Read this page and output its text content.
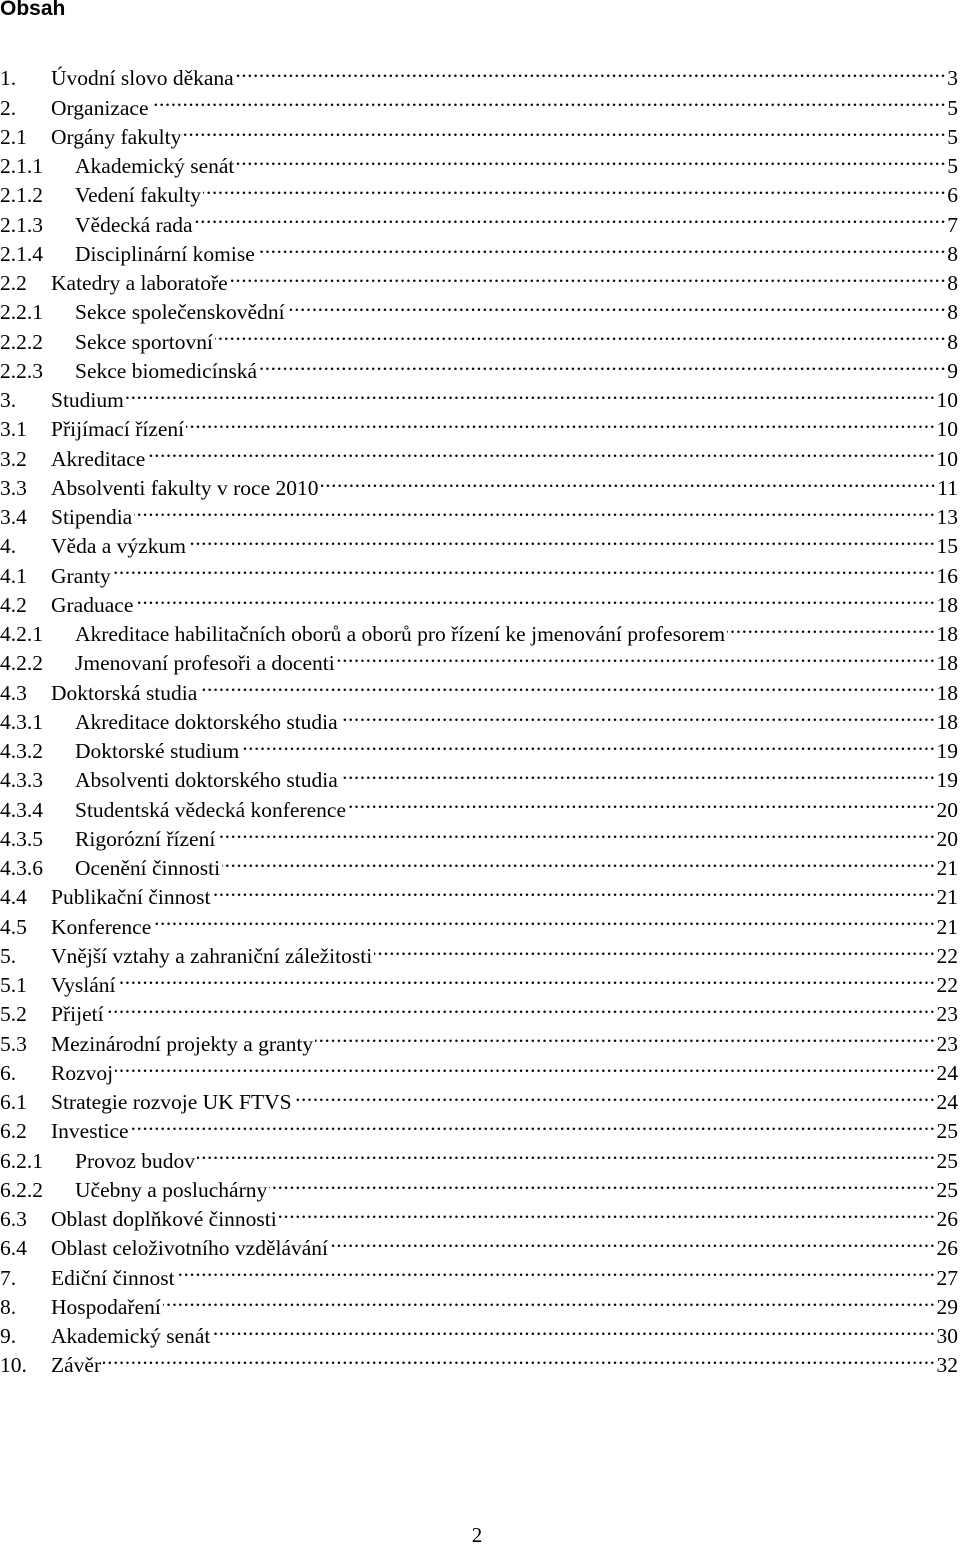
Obsah
1.	Úvodní slovo děkana .....	3
2.	Organizace .....	5
2.1	Orgány fakulty .....	5
2.1.1	Akademický senát .....	5
2.1.2	Vedení fakulty .....	6
2.1.3	Vědecká rada .....	7
2.1.4	Disciplinární komise .....	8
2.2	Katedry a laboratoře .....	8
2.2.1	Sekce společenskovědní .....	8
2.2.2	Sekce sportovní .....	8
2.2.3	Sekce biomedicínská .....	9
3.	Studium .....	10
3.1	Přijímací řízení .....	10
3.2	Akreditace .....	10
3.3	Absolventi fakulty v roce 2010 .....	11
3.4	Stipendia .....	13
4.	Věda a výzkum .....	15
4.1	Granty .....	16
4.2	Graduace .....	18
4.2.1	Akreditace habilitačních oborů a oborů pro řízení ke jmenování profesorem .....	18
4.2.2	Jmenovaní profesoři a docenti .....	18
4.3	Doktorská studia .....	18
4.3.1	Akreditace doktorského studia .....	18
4.3.2	Doktorské studium .....	19
4.3.3	Absolventi doktorského studia .....	19
4.3.4	Studentská vědecká konference .....	20
4.3.5	Rigorózní řízení .....	20
4.3.6	Ocenění činnosti .....	21
4.4	Publikační činnost .....	21
4.5	Konference .....	21
5.	Vnější vztahy a zahraniční záležitosti .....	22
5.1	Vyslání .....	22
5.2	Přijetí .....	23
5.3	Mezinárodní projekty a granty .....	23
6.	Rozvoj .....	24
6.1	Strategie rozvoje UK FTVS .....	24
6.2	Investice .....	25
6.2.1	Provoz budov .....	25
6.2.2	Učebny a posluchárny .....	25
6.3	Oblast doplňkové činnosti .....	26
6.4	Oblast celoživotního vzdělávání .....	26
7.	Ediční činnost .....	27
8.	Hospodaření .....	29
9.	Akademický senát .....	30
10.	Závěr .....	32
2
